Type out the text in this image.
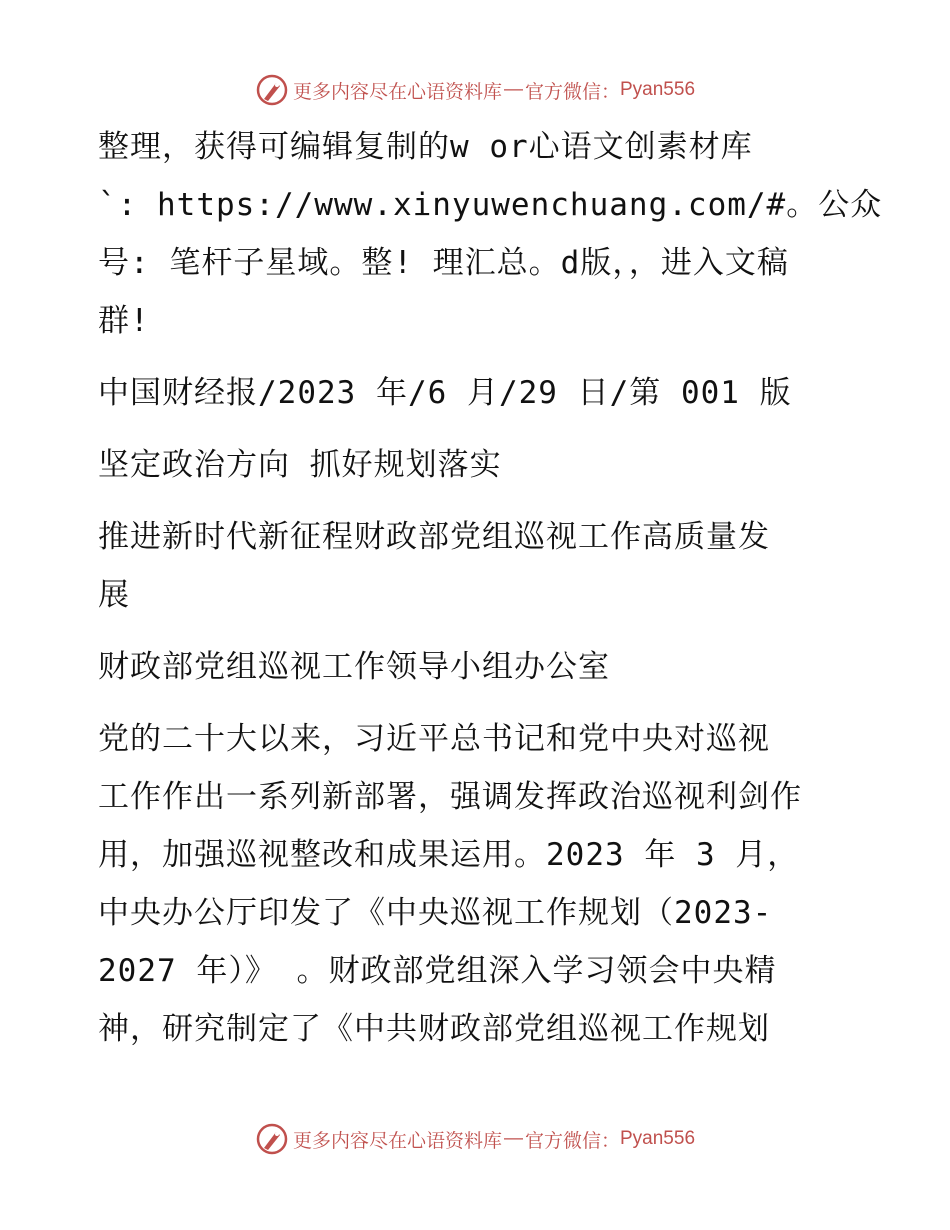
更多内容尽在心语资料库 — 官方微信： Pyan556
整理，获得可编辑复制的w or心语文创素材库
`: https://www.xinyuwenchuang.com/#。公众
号: 笔杆子星域。整! 理汇总。d版，，进入文稿
群!
中国财经报/2023 年/6 月/29 日/第 001 版
坚定政治方向 抓好规划落实
推进新时代新征程财政部党组巡视工作高质量发
展
财政部党组巡视工作领导小组办公室
党的二十大以来，习近平总书记和党中央对巡视
工作作出一系列新部署，强调发挥政治巡视利剑作
用，加强巡视整改和成果运用。2023 年 3 月，
中央办公厅印发了《中央巡视工作规划（2023-
2027 年）》 。财政部党组深入学习领会中央精
神，研究制定了《中共财政部党组巡视工作规划
更多内容尽在心语资料库 — 官方微信： Pyan556
